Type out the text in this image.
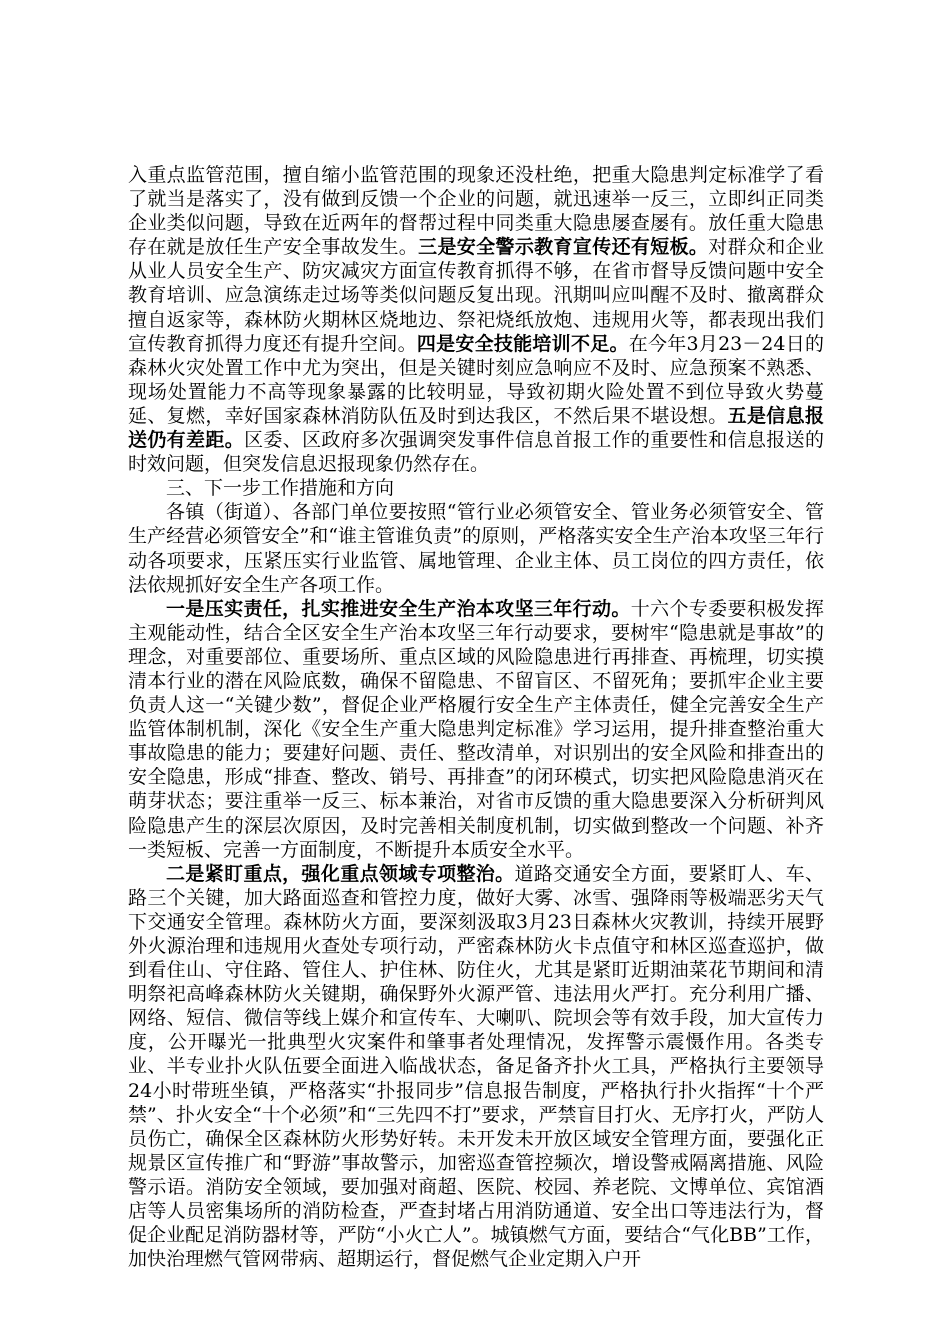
入重点监管范围，擅自缩小监管范围的现象还没杜绝，把重大隐患判定标准学了看了就当是落实了，没有做到反馈一个企业的问题，就迅速举一反三，立即纠正同类企业类似问题，导致在近两年的督帮过程中同类重大隐患屡查屡有。放任重大隐患存在就是放任生产安全事故发生。三是安全警示教育宣传还有短板。对群众和企业从业人员安全生产、防灾减灾方面宣传教育抓得不够，在省市督导反馈问题中安全教育培训、应急演练走过场等类似问题反复出现。汛期叫应叫醒不及时、撤离群众擅自返家等，森林防火期林区烧地边、祭祀烧纸放炮、违规用火等，都表现出我们宣传教育抓得力度还有提升空间。四是安全技能培训不足。在今年3月23－24日的森林火灾处置工作中尤为突出，但是关键时刻应急响应不及时、应急预案不熟悉、现场处置能力不高等现象暴露的比较明显，导致初期火险处置不到位导致火势蔓延、复燃，幸好国家森林消防队伍及时到达我区，不然后果不堪设想。五是信息报送仍有差距。区委、区政府多次强调突发事件信息首报工作的重要性和信息报送的时效问题，但突发信息迟报现象仍然存在。

三、下一步工作措施和方向

各镇（街道）、各部门单位要按照“管行业必须管安全、管业务必须管安全、管生产经营必须管安全”和“谁主管谁负责”的原则，严格落实安全生产治本攻坚三年行动各项要求，压紧压实行业监管、属地管理、企业主体、员工岗位的四方责任，依法依规抓好安全生产各项工作。

一是压实责任，扎实推进安全生产治本攻坚三年行动。十六个专委要积极发挥主观能动性，结合全区安全生产治本攻坚三年行动要求，要树牢“隐患就是事故”的理念，对重要部位、重要场所、重点区域的风险隐患进行再排查、再梳理，切实摸清本行业的潜在风险底数，确保不留隐患、不留盲区、不留死角；要抓牢企业主要负责人这一“关键少数”，督促企业严格履行安全生产主体责任，健全完善安全生产监管体制机制，深化《安全生产重大隐患判定标准》学习运用，提升排查整治重大事故隐患的能力；要建好问题、责任、整改清单，对识别出的安全风险和排查出的安全隐患，形成“排查、整改、销号、再排查”的闭环模式，切实把风险隐患消灭在萌芽状态；要注重举一反三、标本兼治，对省市反馈的重大隐患要深入分析研判风险隐患产生的深层次原因，及时完善相关制度机制，切实做到整改一个问题、补齐一类短板、完善一方面制度，不断提升本质安全水平。

二是紧盯重点，强化重点领域专项整治。道路交通安全方面，要紧盯人、车、路三个关键，加大路面巡查和管控力度，做好大雾、冰雪、强降雨等极端恶劣天气下交通安全管理。森林防火方面，要深刻汲取3月23日森林火灾教训，持续开展野外火源治理和违规用火查处专项行动，严密森林防火卡点值守和林区巡查巡护，做到看住山、守住路、管住人、护住林、防住火，尤其是紧盯近期油菜花节期间和清明祭祀高峰森林防火关键期，确保野外火源严管、违法用火严打。充分利用广播、网络、短信、微信等线上媒介和宣传车、大喇叭、院坝会等有效手段，加大宣传力度，公开曝光一批典型火灾案件和肇事者处理情况，发挥警示震慑作用。各类专业、半专业扑火队伍要全面进入临战状态，备足备齐扑火工具，严格执行主要领导24小时带班坐镇，严格落实“扑报同步”信息报告制度，严格执行扑火指挥“十个严禁”、扑火安全“十个必须”和“三先四不打”要求，严禁盲目打火、无序打火，严防人员伤亡，确保全区森林防火形势好转。未开发未开放区域安全管理方面，要强化正规景区宣传推广和“野游”事故警示，加密巡查管控频次，增设警戒隔离措施、风险警示语。消防安全领域，要加强对商超、医院、校园、养老院、文博单位、宾馆酒店等人员密集场所的消防检查，严查封堵占用消防通道、安全出口等违法行为，督促企业配足消防器材等，严防“小火亡人”。城镇燃气方面，要结合“气化BB”工作，加快治理燃气管网带病、超期运行，督促燃气企业定期入户开
